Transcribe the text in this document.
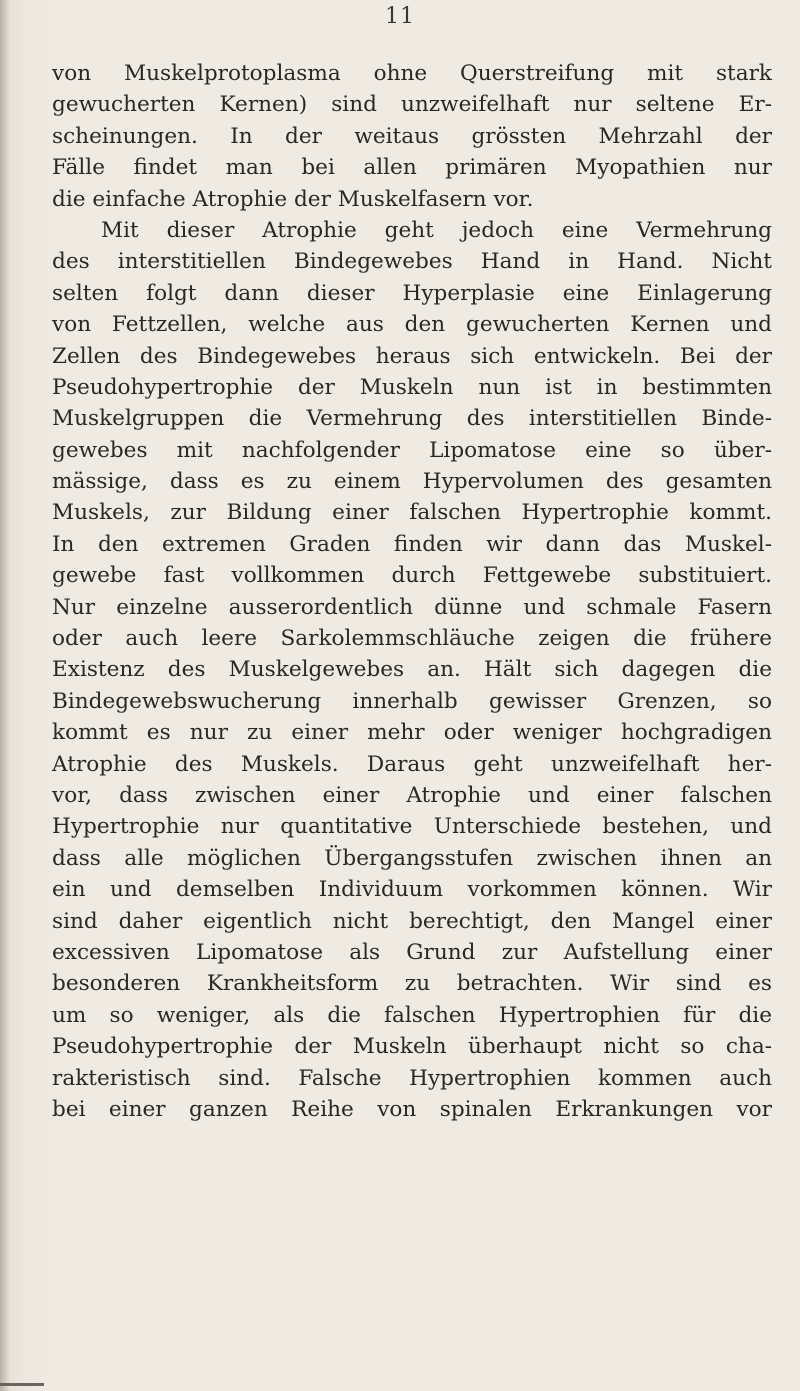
11
von Muskelprotoplasma ohne Querstreifung mit stark
gewucherten Kernen) sind unzweifelhaft nur seltene Er-
scheinungen. In der weitaus grössten Mehrzahl der
Fälle findet man bei allen primären Myopathien nur
die einfache Atrophie der Muskelfasern vor.
Mit dieser Atrophie geht jedoch eine Vermehrung
des interstitiellen Bindegewebes Hand in Hand. Nicht
selten folgt dann dieser Hyperplasie eine Einlagerung
von Fettzellen, welche aus den gewucherten Kernen und
Zellen des Bindegewebes heraus sich entwickeln. Bei der
Pseudohypertrophie der Muskeln nun ist in bestimmten
Muskelgruppen die Vermehrung des interstitiellen Binde-
gewebes mit nachfolgender Lipomatose eine so über-
mässige, dass es zu einem Hypervolumen des gesamten
Muskels, zur Bildung einer falschen Hypertrophie kommt.
In den extremen Graden finden wir dann das Muskel-
gewebe fast vollkommen durch Fettgewebe substituiert.
Nur einzelne ausserordentlich dünne und schmale Fasern
oder auch leere Sarkolemmschläuche zeigen die frühere
Existenz des Muskelgewebes an. Hält sich dagegen die
Bindegewebswucherung innerhalb gewisser Grenzen, so
kommt es nur zu einer mehr oder weniger hochgradigen
Atrophie des Muskels. Daraus geht unzweifelhaft her-
vor, dass zwischen einer Atrophie und einer falschen
Hypertrophie nur quantitative Unterschiede bestehen, und
dass alle möglichen Übergangsstufen zwischen ihnen an
ein und demselben Individuum vorkommen können. Wir
sind daher eigentlich nicht berechtigt, den Mangel einer
excessiven Lipomatose als Grund zur Aufstellung einer
besonderen Krankheitsform zu betrachten. Wir sind es
um so weniger, als die falschen Hypertrophien für die
Pseudohypertrophie der Muskeln überhaupt nicht so cha-
rakteristisch sind. Falsche Hypertrophien kommen auch
bei einer ganzen Reihe von spinalen Erkrankungen vor
